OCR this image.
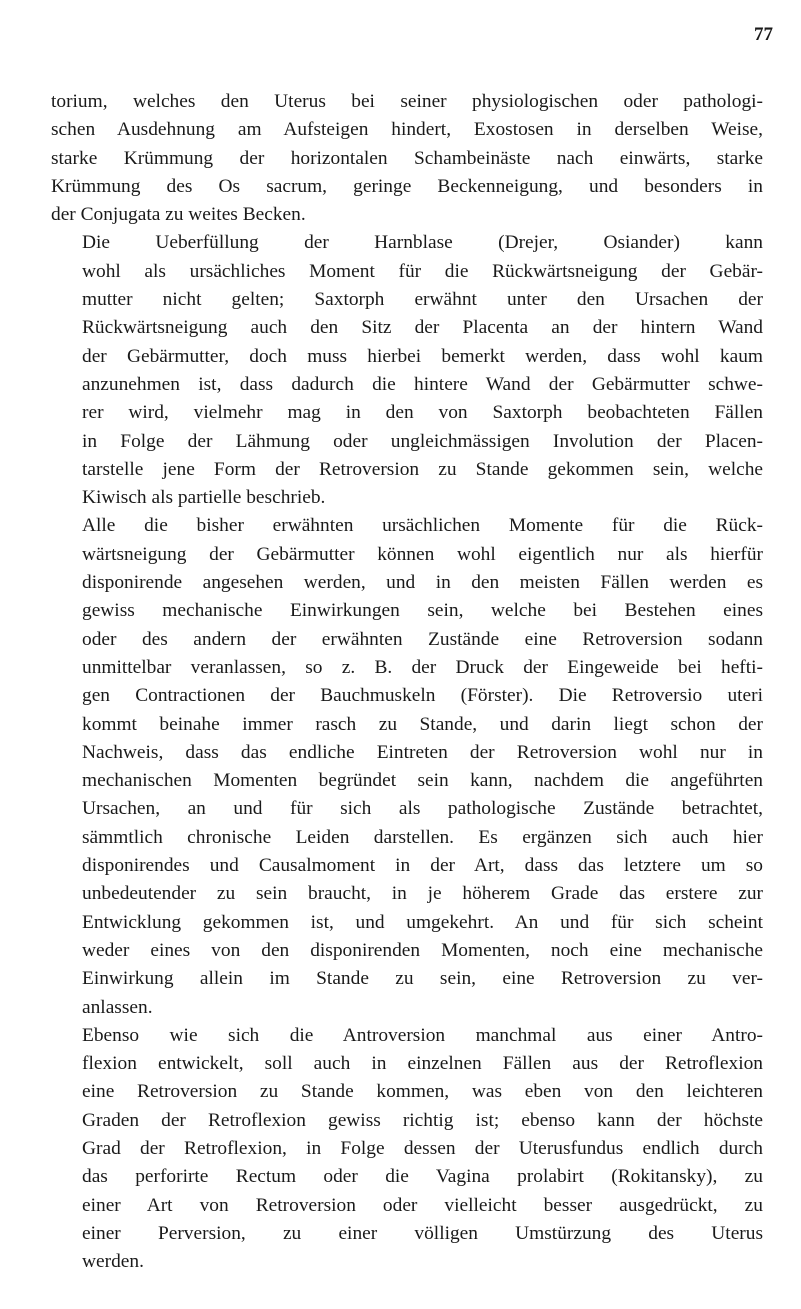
77

torium, welches den Uterus bei seiner physiologischen oder pathologi-
schen Ausdehnung am Aufsteigen hindert, Exostosen in derselben Weise,
starke Krümmung der horizontalen Schambeinäste nach einwärts, starke
Krümmung des Os sacrum, geringe Beckenneigung, und besonders in
der Conjugata zu weites Becken.

Die Ueberfüllung der Harnblase (Drejer, Osiander) kann
wohl als ursächliches Moment für die Rückwärtsneigung der Gebär-
mutter nicht gelten; Saxtorph erwähnt unter den Ursachen der
Rückwärtsneigung auch den Sitz der Placenta an der hintern Wand
der Gebärmutter, doch muss hierbei bemerkt werden, dass wohl kaum
anzunehmen ist, dass dadurch die hintere Wand der Gebärmutter schwe-
rer wird, vielmehr mag in den von Saxtorph beobachteten Fällen
in Folge der Lähmung oder ungleichmässigen Involution der Placen-
tarstelle jene Form der Retroversion zu Stande gekommen sein, welche
Kiwisch als partielle beschrieb.

Alle die bisher erwähnten ursächlichen Momente für die Rück-
wärtsneigung der Gebärmutter können wohl eigentlich nur als hierfür
disponirende angesehen werden, und in den meisten Fällen werden es
gewiss mechanische Einwirkungen sein, welche bei Bestehen eines
oder des andern der erwähnten Zustände eine Retroversion sodann
unmittelbar veranlassen, so z. B. der Druck der Eingeweide bei hefti-
gen Contractionen der Bauchmuskeln (Förster). Die Retroversio uteri
kommt beinahe immer rasch zu Stande, und darin liegt schon der
Nachweis, dass das endliche Eintreten der Retroversion wohl nur in
mechanischen Momenten begründet sein kann, nachdem die angeführten
Ursachen, an und für sich als pathologische Zustände betrachtet,
sämmtlich chronische Leiden darstellen. Es ergänzen sich auch hier
disponirendes und Causalmoment in der Art, dass das letztere um so
unbedeutender zu sein braucht, in je höherem Grade das erstere zur
Entwicklung gekommen ist, und umgekehrt. An und für sich scheint
weder eines von den disponirenden Momenten, noch eine mechanische
Einwirkung allein im Stande zu sein, eine Retroversion zu ver-
anlassen.

Ebenso wie sich die Antroversion manchmal aus einer Antro-
flexion entwickelt, soll auch in einzelnen Fällen aus der Retroflexion
eine Retroversion zu Stande kommen, was eben von den leichteren
Graden der Retroflexion gewiss richtig ist; ebenso kann der höchste
Grad der Retroflexion, in Folge dessen der Uterusfundus endlich durch
das perforirte Rectum oder die Vagina prolabirt (Rokitansky), zu
einer Art von Retroversion oder vielleicht besser ausgedrückt, zu
einer Perversion, zu einer völligen Umstürzung des Uterus
werden.
